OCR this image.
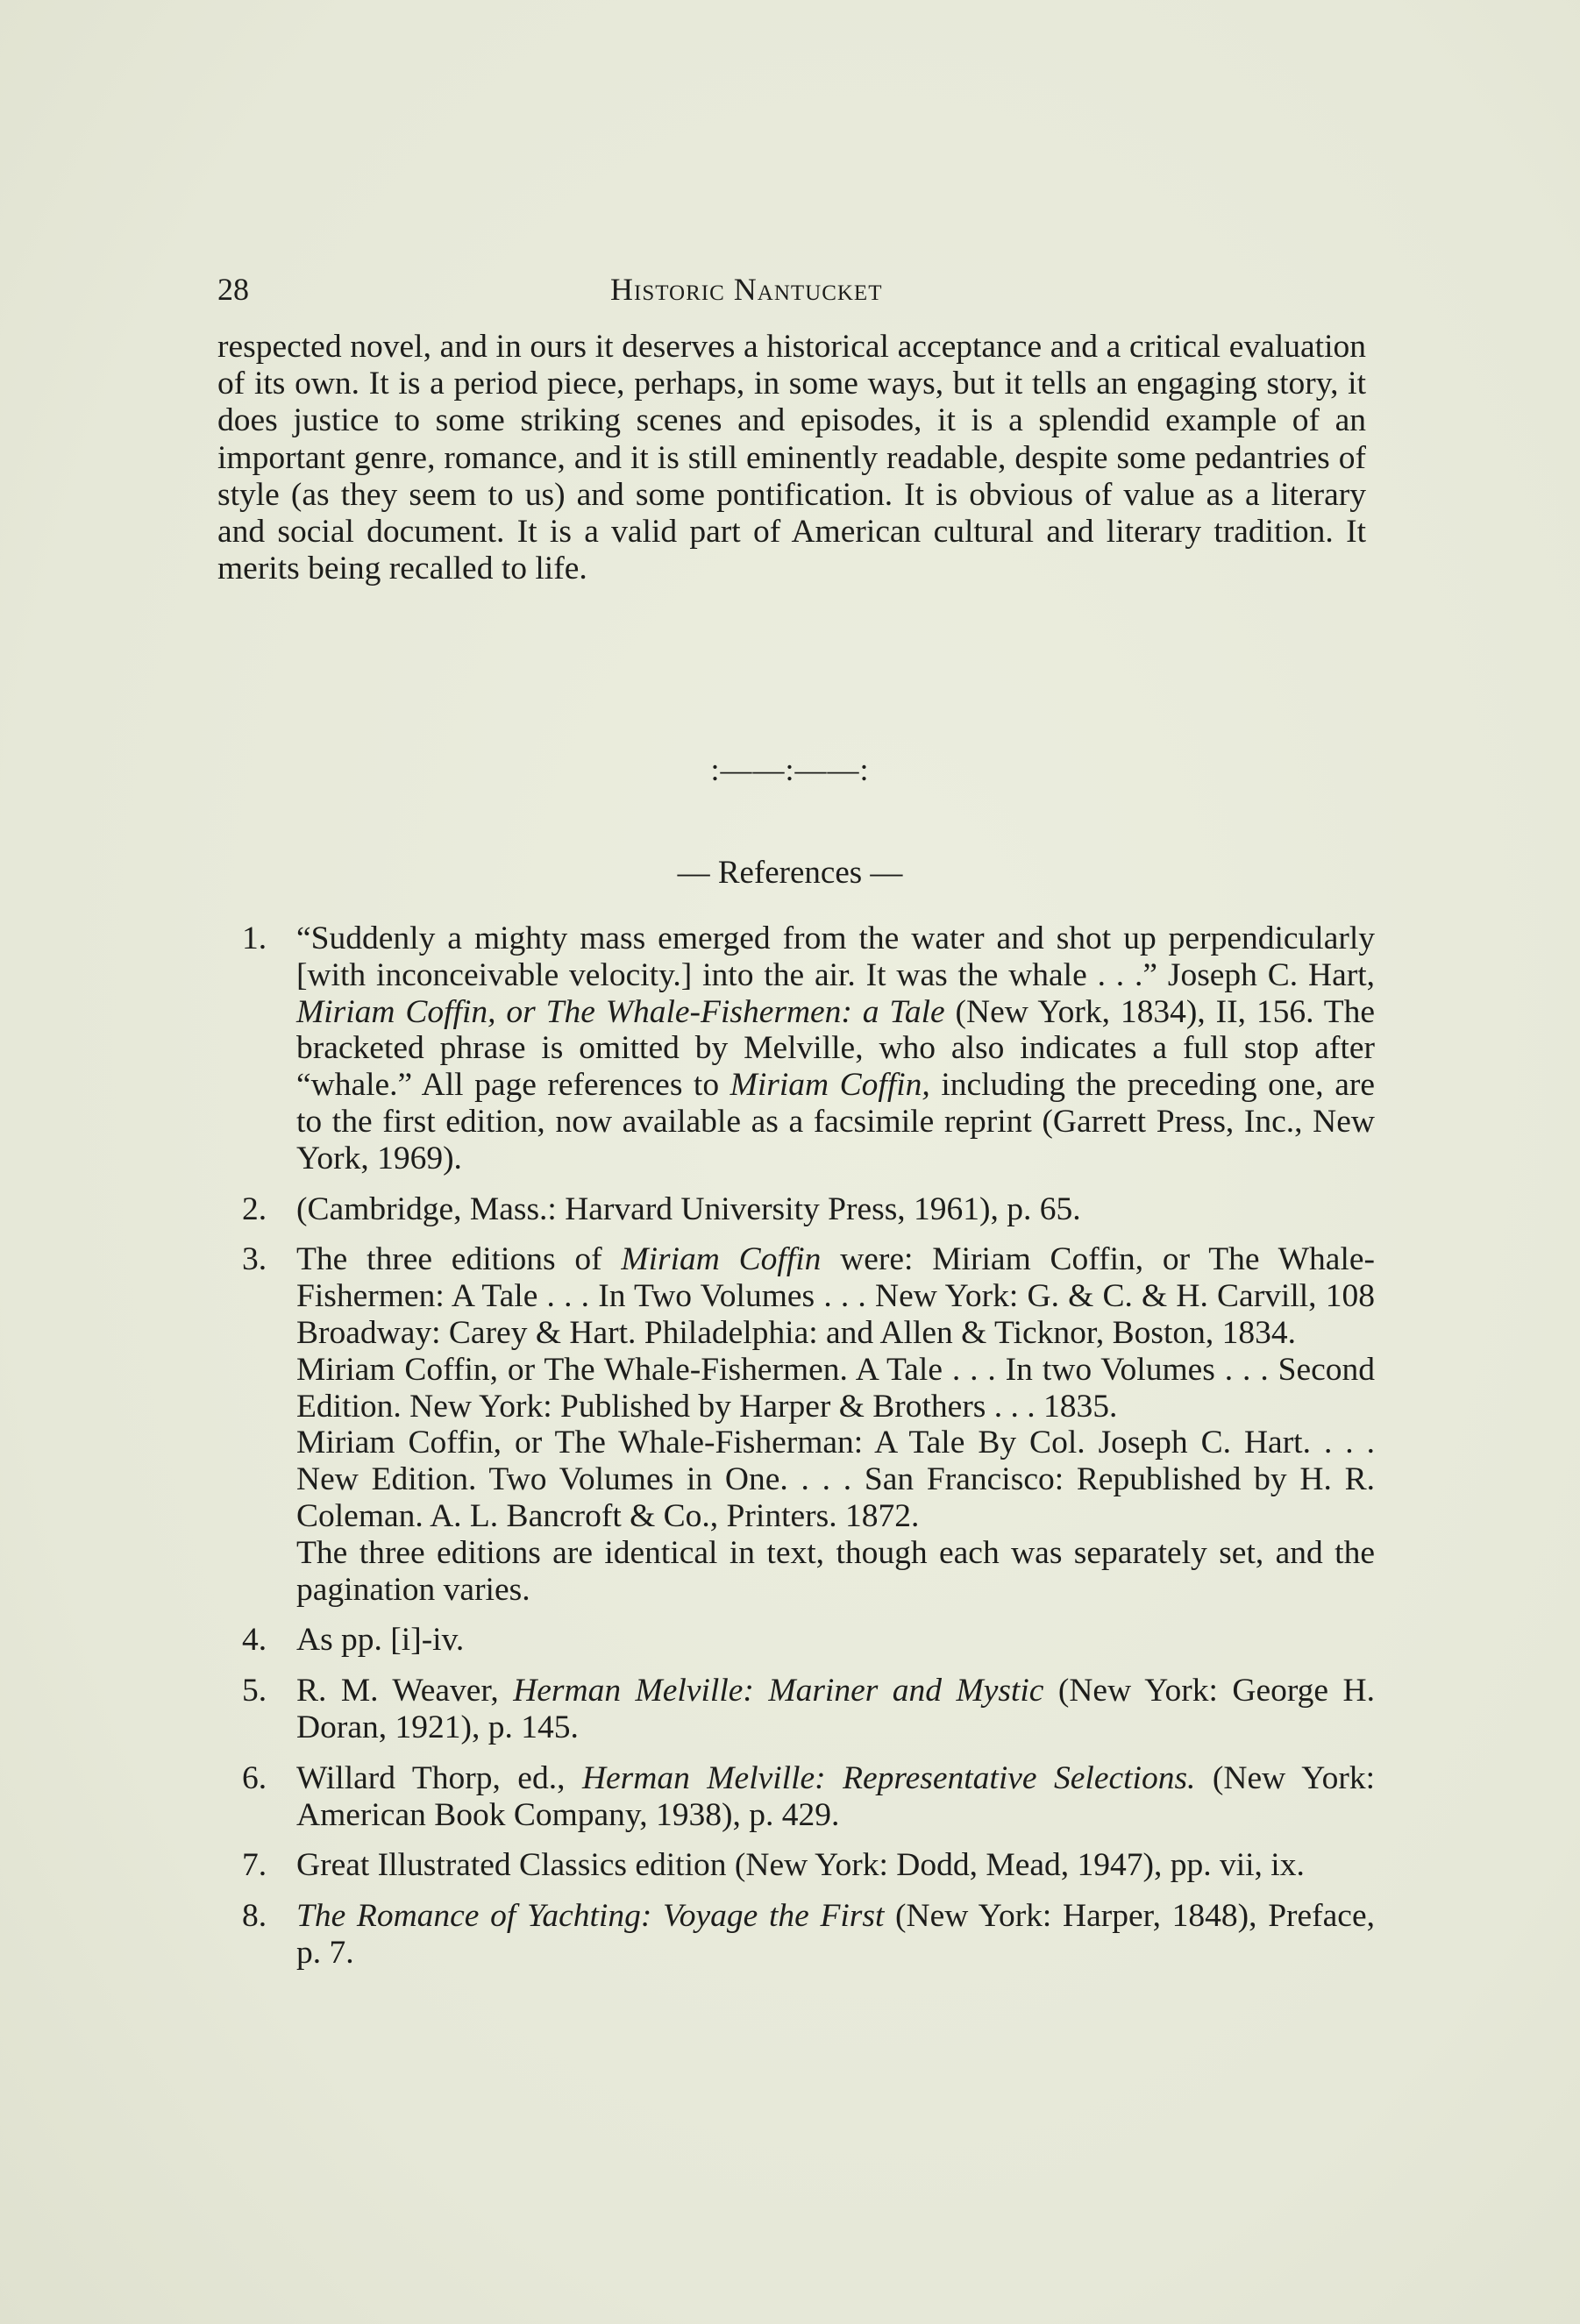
28	Historic Nantucket

respected novel, and in ours it deserves a historical acceptance and a critical evaluation of its own. It is a period piece, perhaps, in some ways, but it tells an engaging story, it does justice to some striking scenes and episodes, it is a splendid example of an important genre, romance, and it is still eminently readable, despite some pedantries of style (as they seem to us) and some pontification. It is obvious of value as a literary and social document. It is a valid part of American cultural and literary tradition. It merits being recalled to life.

:——:——:
— References —
1. “Suddenly a mighty mass emerged from the water and shot up perpendicularly [with inconceivable velocity.] into the air. It was the whale . . .” Joseph C. Hart, Miriam Coffin, or The Whale-Fishermen: a Tale (New York, 1834), II, 156. The bracketed phrase is omitted by Melville, who also indicates a full stop after “whale.” All page references to Miriam Coffin, including the preceding one, are to the first edition, now available as a facsimile reprint (Garrett Press, Inc., New York, 1969).

2. (Cambridge, Mass.: Harvard University Press, 1961), p. 65.

3. The three editions of Miriam Coffin were: Miriam Coffin, or The Whale-Fishermen: A Tale . . . In Two Volumes . . . New York: G. & C. & H. Carvill, 108 Broadway: Carey & Hart. Philadelphia: and Allen & Ticknor, Boston, 1834.

Miriam Coffin, or The Whale-Fishermen. A Tale . . . In two Volumes . . . Second Edition. New York: Published by Harper & Brothers . . . 1835.

Miriam Coffin, or The Whale-Fisherman: A Tale By Col. Joseph C. Hart. . . . New Edition. Two Volumes in One. . . . San Francisco: Republished by H. R. Coleman. A. L. Bancroft & Co., Printers. 1872.

The three editions are identical in text, though each was separately set, and the pagination varies.

4. As pp. [i]-iv.

5. R. M. Weaver, Herman Melville: Mariner and Mystic (New York: George H. Doran, 1921), p. 145.

6. Willard Thorp, ed., Herman Melville: Representative Selections. (New York: American Book Company, 1938), p. 429.

7. Great Illustrated Classics edition (New York: Dodd, Mead, 1947), pp. vii, ix.

8. The Romance of Yachting: Voyage the First (New York: Harper, 1848), Preface, p. 7.
